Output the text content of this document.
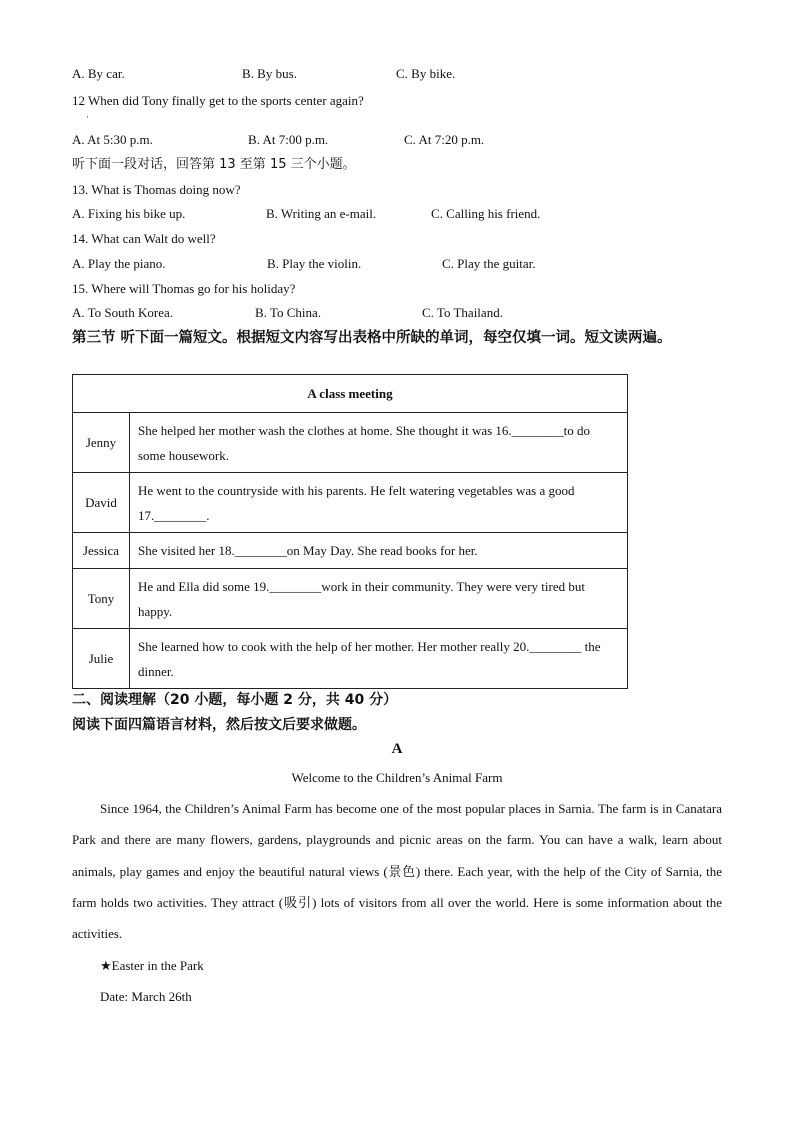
A. By car.	B. By bus.	C. By bike.
12 When did Tony finally get to the sports center again?
·
A. At 5:30 p.m.	B. At 7:00 p.m.	C. At 7:20 p.m.
听下面一段对话，回答第 13 至第 15 三个小题。
13. What is Thomas doing now?
A. Fixing his bike up.	B. Writing an e-mail.	C. Calling his friend.
14. What can Walt do well?
A. Play the piano.	B. Play the violin.	C. Play the guitar.
15. Where will Thomas go for his holiday?
A. To South Korea.	B. To China.	C. To Thailand.
第三节 听下面一篇短文。根据短文内容写出表格中所缺的单词，每空仅填一词。短文读两遍。
A class meeting	
Jenny	She helped her mother wash the clothes at home. She thought it was 16.________to do some housework.
David	He went to the countryside with his parents. He felt watering vegetables was a good 17.________.
Jessica	She visited her 18.________on May Day. She read books for her.
Tony	He and Ella did some 19.________work in their community. They were very tired but happy.
Julie	She learned how to cook with the help of her mother. Her mother really 20.________ the dinner.
二、阅读理解（20 小题，每小题 2 分，共 40 分）
阅读下面四篇语言材料，然后按文后要求做题。
A
Welcome to the Children’s Animal Farm
Since 1964, the Children’s Animal Farm has become one of the most popular places in Sarnia. The farm is in Canatara Park and there are many flowers, gardens, playgrounds and picnic areas on the farm. You can have a walk, learn about animals, play games and enjoy the beautiful natural views (景色) there. Each year, with the help of the City of Sarnia, the farm holds two activities. They attract (吸引) lots of visitors from all over the world. Here is some information about the activities.
★Easter in the Park
Date: March 26th
